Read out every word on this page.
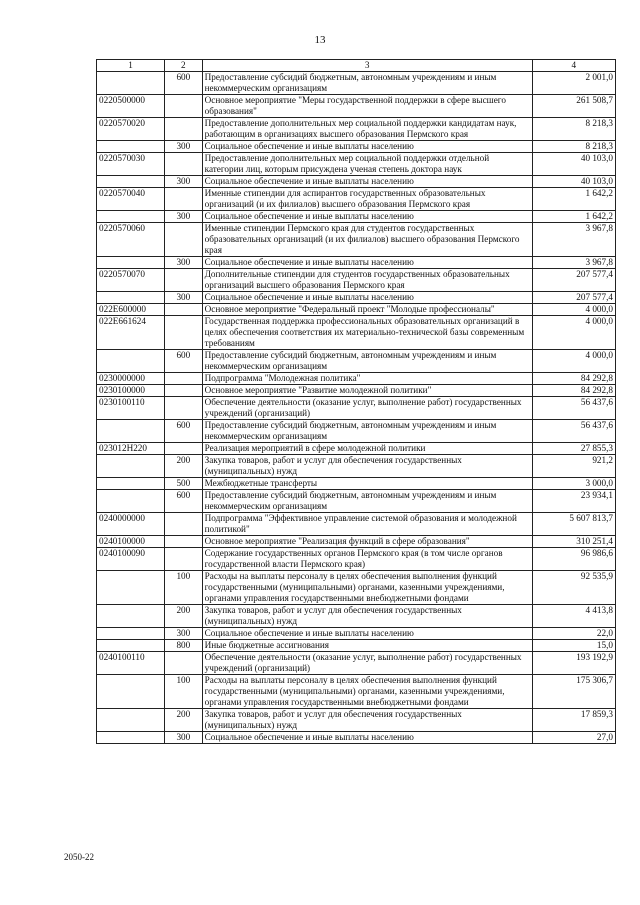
13
1	2	3	4
	600	Предоставление субсидий бюджетным, автономным учреждениям и иным некоммерческим организациям	2 001,0
0220500000		Основное мероприятие "Меры государственной поддержки в сфере высшего образования"	261 508,7
0220570020		Предоставление дополнительных мер социальной поддержки кандидатам наук, работающим в организациях высшего образования Пермского края	8 218,3
	300	Социальное обеспечение и иные выплаты населению	8 218,3
0220570030		Предоставление дополнительных мер социальной поддержки отдельной категории лиц, которым присуждена ученая степень доктора наук	40 103,0
	300	Социальное обеспечение и иные выплаты населению	40 103,0
0220570040		Именные стипендии для аспирантов государственных образовательных организаций (и их филиалов) высшего образования Пермского края	1 642,2
	300	Социальное обеспечение и иные выплаты населению	1 642,2
0220570060		Именные стипендии Пермского края для студентов государственных образовательных организаций (и их филиалов) высшего образования Пермского края	3 967,8
	300	Социальное обеспечение и иные выплаты населению	3 967,8
0220570070		Дополнительные стипендии для студентов государственных образовательных организаций высшего образования Пермского края	207 577,4
	300	Социальное обеспечение и иные выплаты населению	207 577,4
022E600000		Основное мероприятие "Федеральный проект "Молодые профессионалы"	4 000,0
022E661624		Государственная поддержка профессиональных образовательных организаций в целях обеспечения соответствия их материально-технической базы современным требованиям	4 000,0
	600	Предоставление субсидий бюджетным, автономным учреждениям и иным некоммерческим организациям	4 000,0
0230000000		Подпрограмма "Молодежная политика"	84 292,8
0230100000		Основное мероприятие "Развитие молодежной политики"	84 292,8
0230100110		Обеспечение деятельности (оказание услуг, выполнение работ) государственных учреждений (организаций)	56 437,6
	600	Предоставление субсидий бюджетным, автономным учреждениям и иным некоммерческим организациям	56 437,6
023012Н220		Реализация мероприятий в сфере молодежной политики	27 855,3
	200	Закупка товаров, работ и услуг для обеспечения государственных (муниципальных) нужд	921,2
	500	Межбюджетные трансферты	3 000,0
	600	Предоставление субсидий бюджетным, автономным учреждениям и иным некоммерческим организациям	23 934,1
0240000000		Подпрограмма "Эффективное управление системой образования и молодежной политикой"	5 607 813,7
0240100000		Основное мероприятие "Реализация функций в сфере образования"	310 251,4
0240100090		Содержание государственных органов Пермского края (в том числе органов государственной власти Пермского края)	96 986,6
	100	Расходы на выплаты персоналу в целях обеспечения выполнения функций государственными (муниципальными) органами, казенными учреждениями, органами управления государственными внебюджетными фондами	92 535,9
	200	Закупка товаров, работ и услуг для обеспечения государственных (муниципальных) нужд	4 413,8
	300	Социальное обеспечение и иные выплаты населению	22,0
	800	Иные бюджетные ассигнования	15,0
0240100110		Обеспечение деятельности (оказание услуг, выполнение работ) государственных учреждений (организаций)	193 192,9
	100	Расходы на выплаты персоналу в целях обеспечения выполнения функций государственными (муниципальными) органами, казенными учреждениями, органами управления государственными внебюджетными фондами	175 306,7
	200	Закупка товаров, работ и услуг для обеспечения государственных (муниципальных) нужд	17 859,3
	300	Социальное обеспечение и иные выплаты населению	27,0
2050-22
